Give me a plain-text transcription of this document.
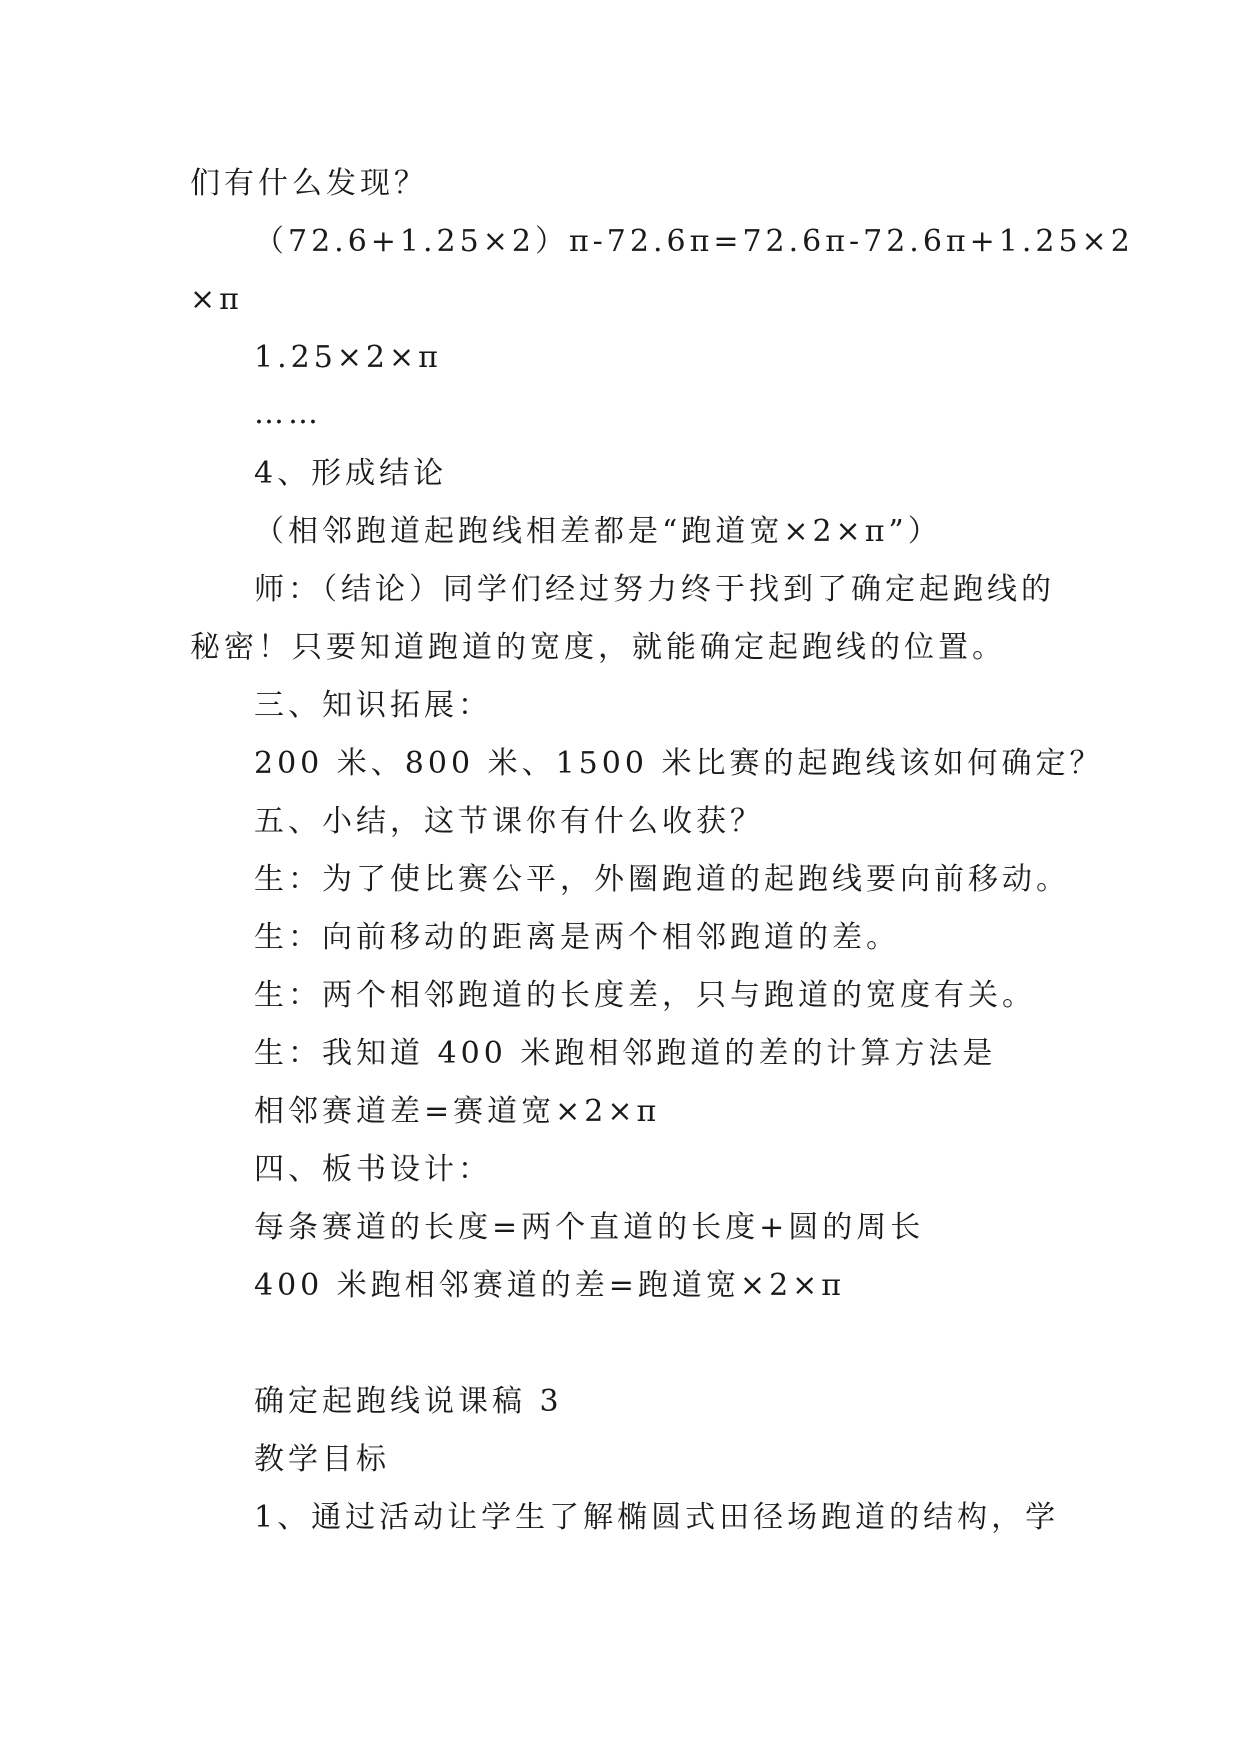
们有什么发现？
（72.6+1.25×2）π-72.6π=72.6π-72.6π+1.25×2
×π
1.25×2×π
……
4、形成结论
（相邻跑道起跑线相差都是“跑道宽×2×π”）
师：（结论）同学们经过努力终于找到了确定起跑线的
秘密！只要知道跑道的宽度，就能确定起跑线的位置。
三、知识拓展：
200 米、800 米、1500 米比赛的起跑线该如何确定？
五、小结，这节课你有什么收获？
生：为了使比赛公平，外圈跑道的起跑线要向前移动。
生：向前移动的距离是两个相邻跑道的差。
生：两个相邻跑道的长度差，只与跑道的宽度有关。
生：我知道 400 米跑相邻跑道的差的计算方法是
相邻赛道差=赛道宽×2×π
四、板书设计：
每条赛道的长度=两个直道的长度+圆的周长
400 米跑相邻赛道的差=跑道宽×2×π
确定起跑线说课稿 3
教学目标
1、通过活动让学生了解椭圆式田径场跑道的结构，学
